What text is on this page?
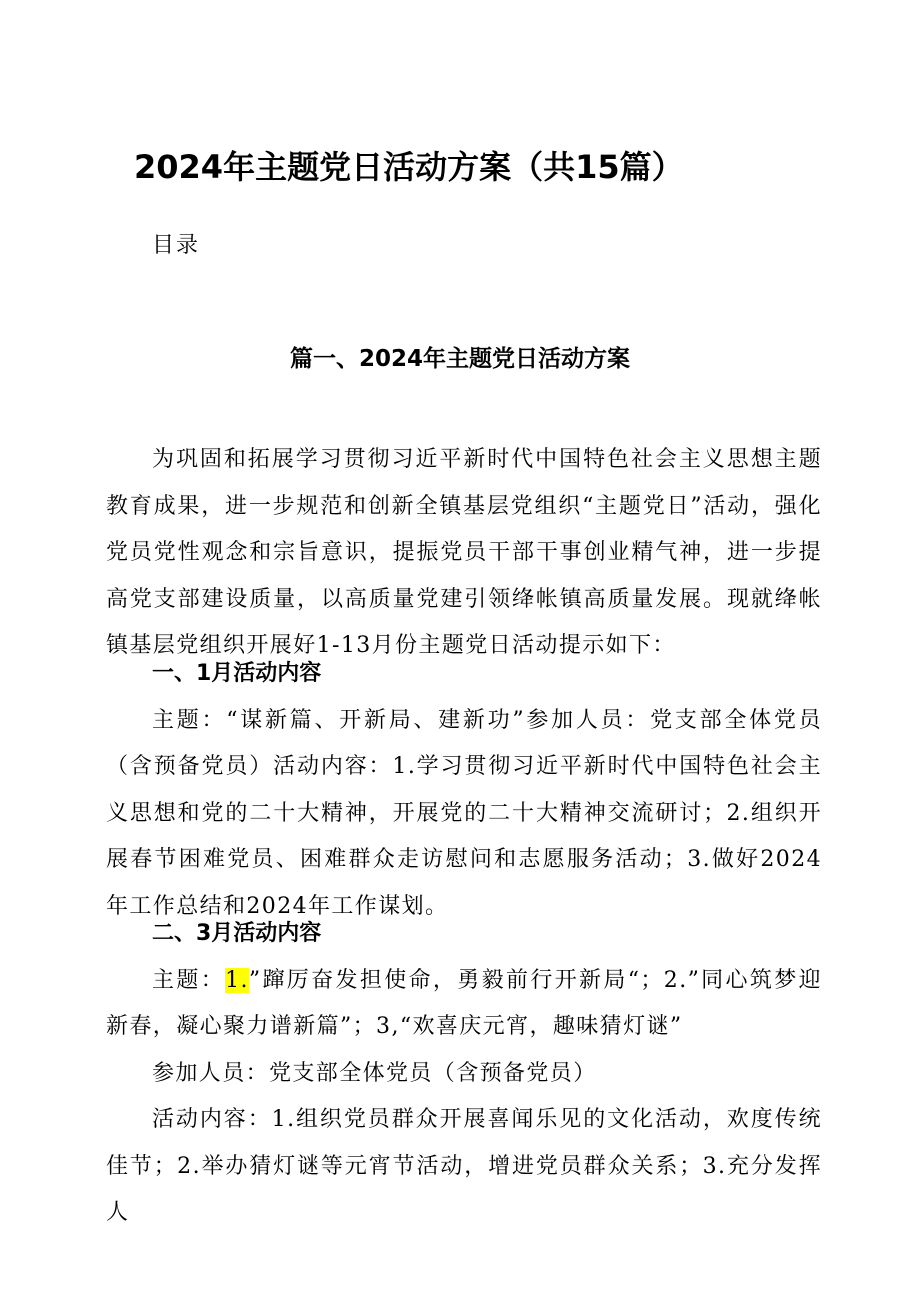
2024年主题党日活动方案（共15篇）
目录
篇一、2024年主题党日活动方案

为巩固和拓展学习贯彻习近平新时代中国特色社会主义思想主题教育成果，进一步规范和创新全镇基层党组织“主题党日”活动，强化党员党性观念和宗旨意识，提振党员干部干事创业精气神，进一步提高党支部建设质量，以高质量党建引领绛帐镇高质量发展。现就绛帐镇基层党组织开展好1-13月份主题党日活动提示如下：

一、1月活动内容

主题：“谋新篇、开新局、建新功”参加人员：党支部全体党员（含预备党员）活动内容：1.学习贯彻习近平新时代中国特色社会主义思想和党的二十大精神，开展党的二十大精神交流研讨；2.组织开展春节困难党员、困难群众走访慰问和志愿服务活动；3.做好2024年工作总结和2024年工作谋划。

二、3月活动内容

主题：1.”蹿厉奋发担使命，勇毅前行开新局“；2.”同心筑梦迎新春，凝心聚力谱新篇”；3,“欢喜庆元宵，趣味猜灯谜”

参加人员：党支部全体党员（含预备党员）

活动内容：1.组织党员群众开展喜闻乐见的文化活动，欢度传统佳节；2.举办猜灯谜等元宵节活动，增进党员群众关系；3.充分发挥人
